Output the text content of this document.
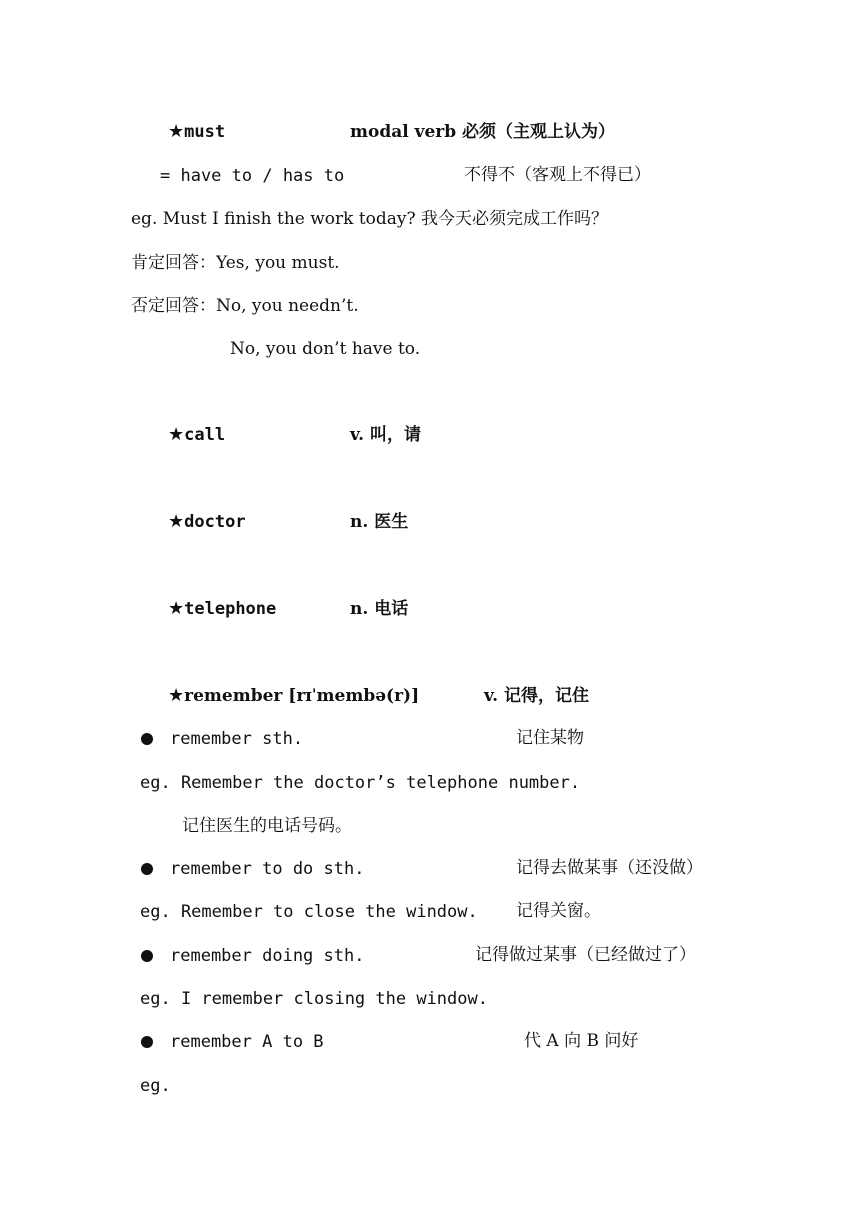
★must	modal verb 必须（主观上认为）
= have to / has to	不得不（客观上不得已）
eg. Must I finish the work today? 我今天必须完成工作吗？
肯定回答：Yes, you must.
否定回答：No, you needn’t.
No, you don’t have to.
★call	v. 叫，请
★doctor	n. 医生
★telephone	n. 电话
★remember [rɪˈmembə(r)]	v. 记得，记住
remember sth.	记住某物
eg. Remember the doctor’s telephone number.
记住医生的电话号码。
remember to do sth.	记得去做某事（还没做）
eg. Remember to close the window. 记得关窗。
remember doing sth.	记得做过某事（已经做过了）
eg. I remember closing the window.
remember A to B	代 A 向 B 问好
eg.
